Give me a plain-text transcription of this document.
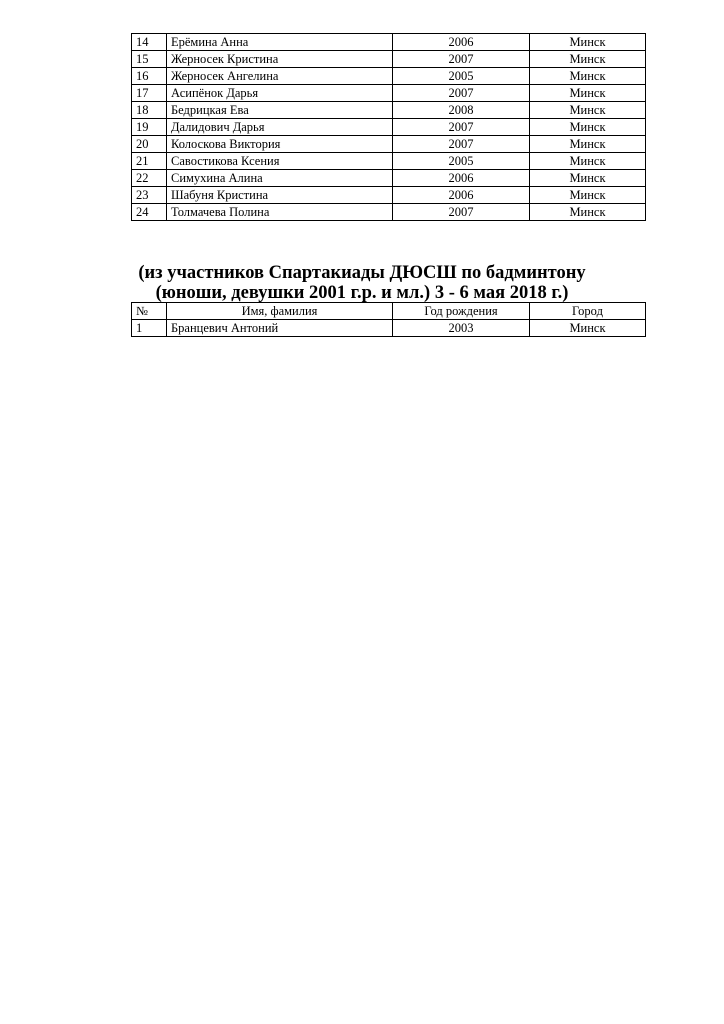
14	Ерёмина Анна	2006	Минск
15	Жерносек Кристина	2007	Минск
16	Жерносек Ангелина	2005	Минск
17	Асипёнок Дарья	2007	Минск
18	Бедрицкая Ева	2008	Минск
19	Далидович Дарья	2007	Минск
20	Колоскова Виктория	2007	Минск
21	Савостикова Ксения	2005	Минск
22	Симухина Алина	2006	Минск
23	Шабуня Кристина	2006	Минск
24	Толмачева Полина	2007	Минск
(из участников Спартакиады ДЮСШ по бадминтону
(юноши, девушки 2001 г.р. и мл.) 3 - 6 мая 2018 г.)
№	Имя, фамилия	Год рождения	Город
1	Бранцевич Антоний	2003	Минск
